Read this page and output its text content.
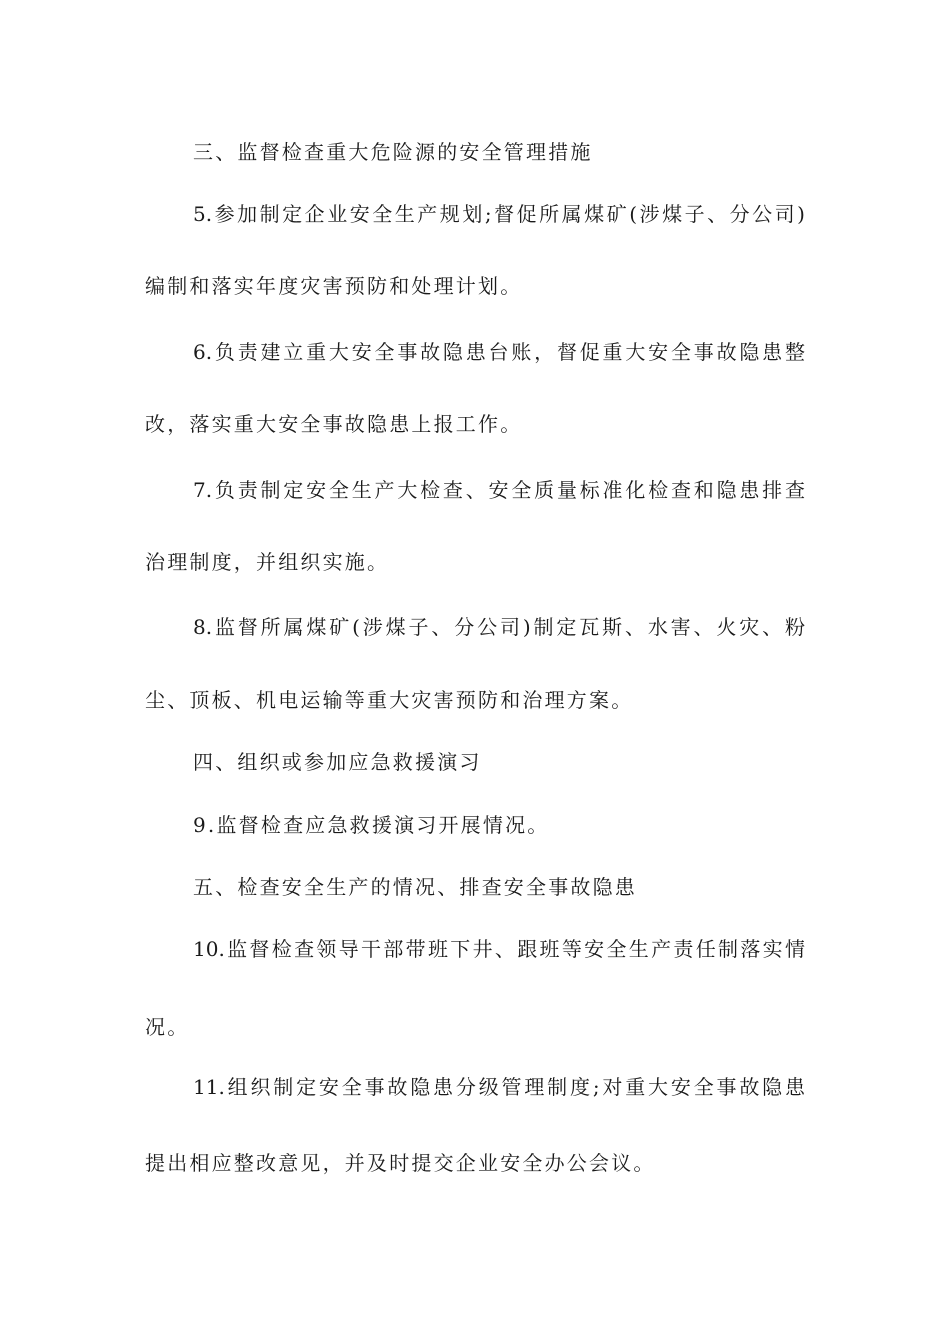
三、监督检查重大危险源的安全管理措施
5.参加制定企业安全生产规划;督促所属煤矿(涉煤子、分公司)
编制和落实年度灾害预防和处理计划。
6.负责建立重大安全事故隐患台账，督促重大安全事故隐患整
改，落实重大安全事故隐患上报工作。
7.负责制定安全生产大检查、安全质量标准化检查和隐患排查
治理制度，并组织实施。
8.监督所属煤矿(涉煤子、分公司)制定瓦斯、水害、火灾、粉
尘、顶板、机电运输等重大灾害预防和治理方案。
四、组织或参加应急救援演习
9.监督检查应急救援演习开展情况。
五、检查安全生产的情况、排查安全事故隐患
10.监督检查领导干部带班下井、跟班等安全生产责任制落实情
况。
11.组织制定安全事故隐患分级管理制度;对重大安全事故隐患
提出相应整改意见，并及时提交企业安全办公会议。
